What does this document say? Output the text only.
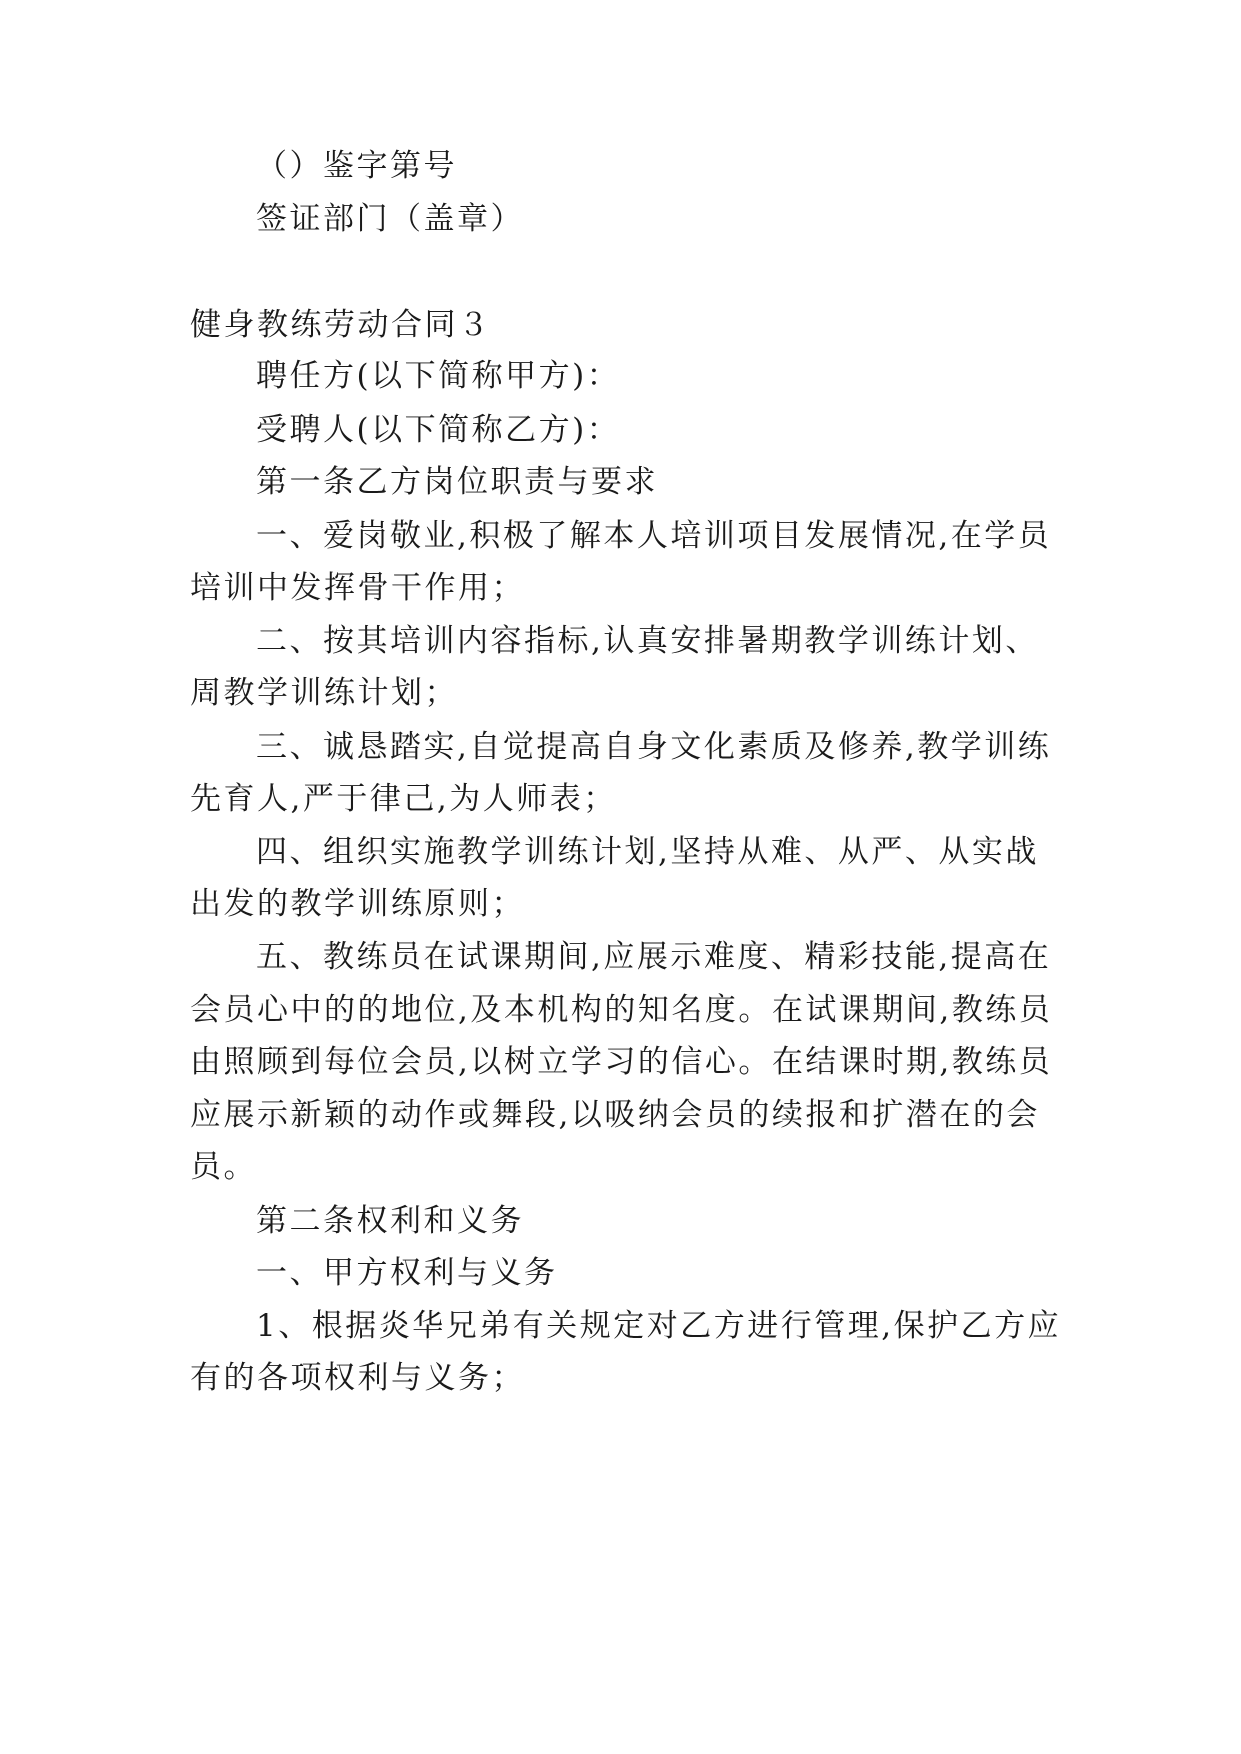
（）鉴字第号
签证部门（盖章）
健身教练劳动合同３
聘任方(以下简称甲方)：
受聘人(以下简称乙方)：
第一条乙方岗位职责与要求
一、爱岗敬业,积极了解本人培训项目发展情况,在学员
培训中发挥骨干作用；
二、按其培训内容指标,认真安排暑期教学训练计划、
周教学训练计划；
三、诚恳踏实,自觉提高自身文化素质及修养,教学训练
先育人,严于律己,为人师表；
四、组织实施教学训练计划,坚持从难、从严、从实战
出发的教学训练原则；
五、教练员在试课期间,应展示难度、精彩技能,提高在
会员心中的的地位,及本机构的知名度。在试课期间,教练员
由照顾到每位会员,以树立学习的信心。在结课时期,教练员
应展示新颖的动作或舞段,以吸纳会员的续报和扩潜在的会
员。
第二条权利和义务
一、甲方权利与义务
1、根据炎华兄弟有关规定对乙方进行管理,保护乙方应
有的各项权利与义务；
